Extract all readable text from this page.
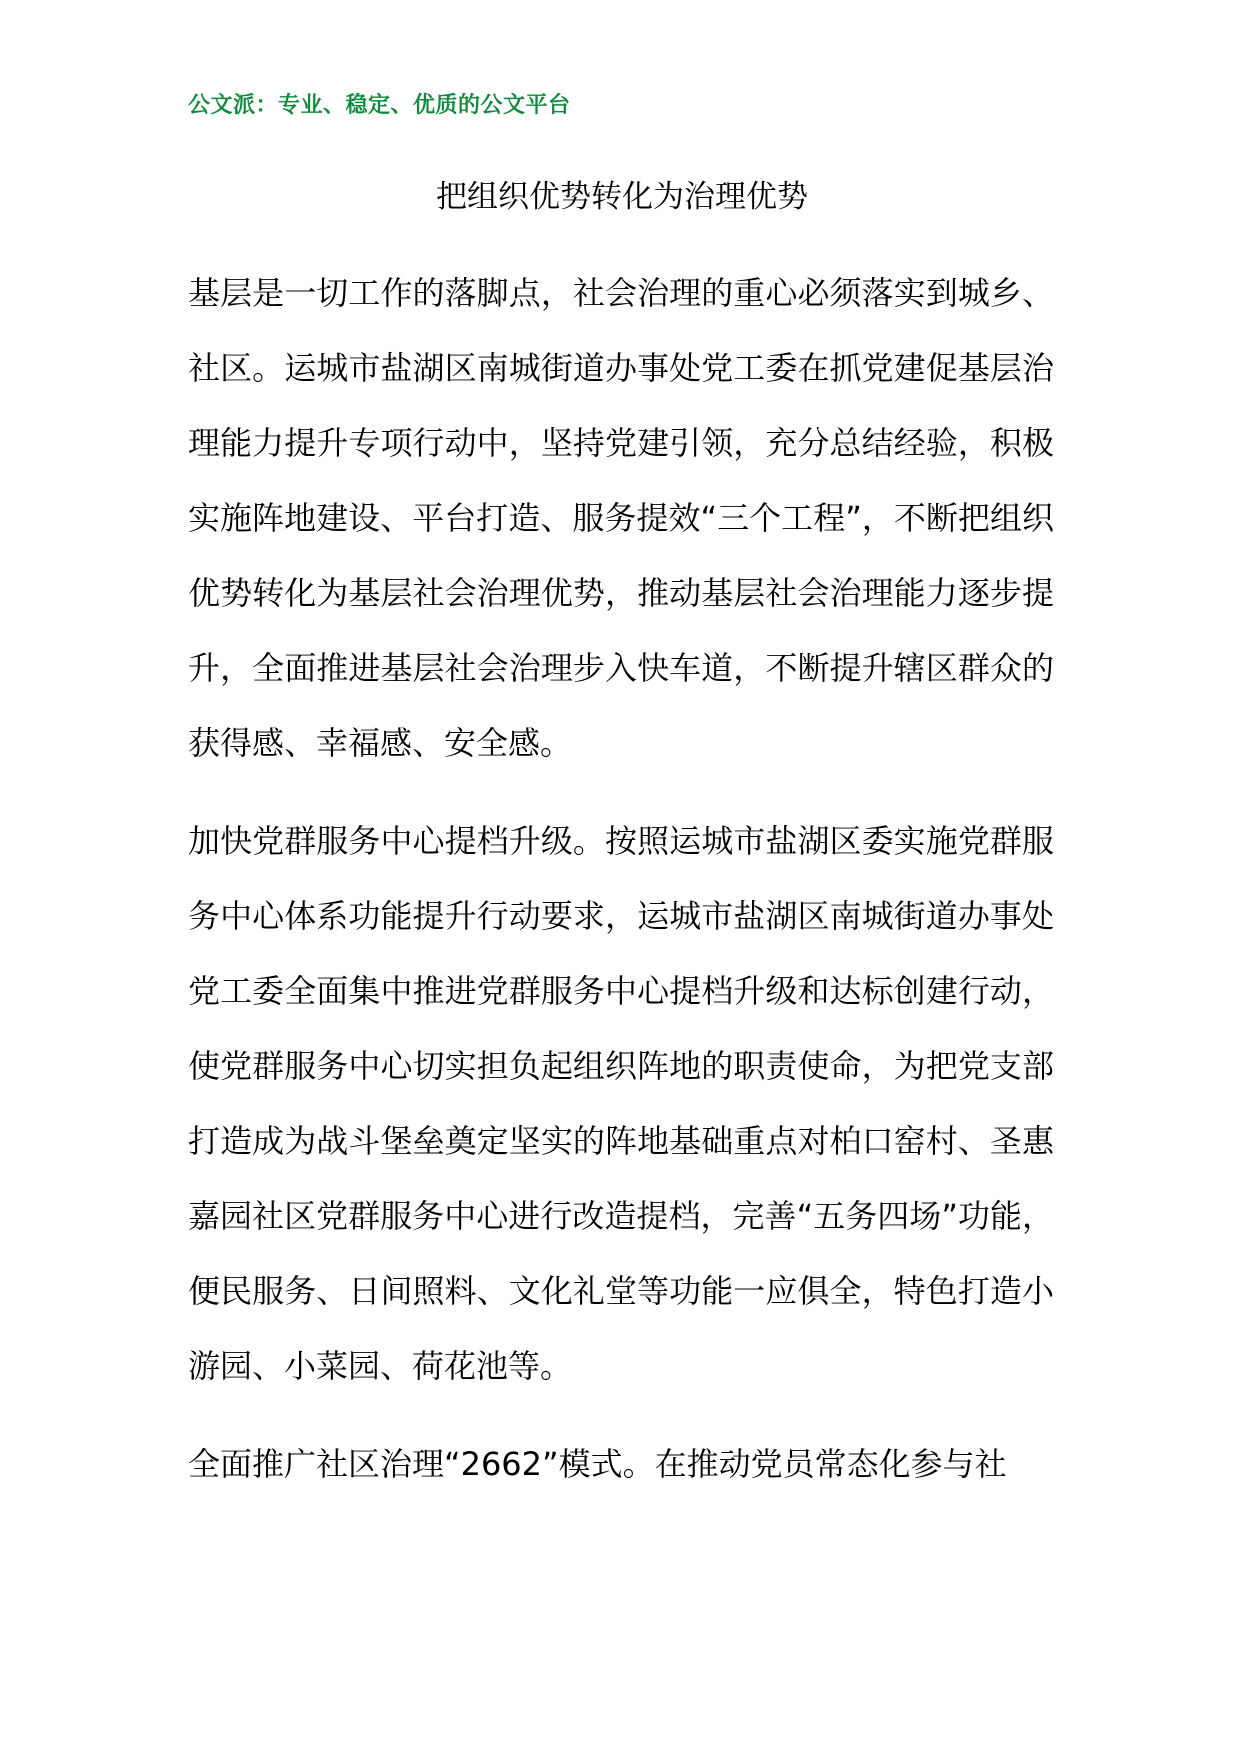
公文派：专业、稳定、优质的公文平台
把组织优势转化为治理优势

基层是一切工作的落脚点，社会治理的重心必须落实到城乡、社区。运城市盐湖区南城街道办事处党工委在抓党建促基层治理能力提升专项行动中，坚持党建引领，充分总结经验，积极实施阵地建设、平台打造、服务提效“三个工程”，不断把组织优势转化为基层社会治理优势，推动基层社会治理能力逐步提升，全面推进基层社会治理步入快车道，不断提升辖区群众的获得感、幸福感、安全感。

加快党群服务中心提档升级。按照运城市盐湖区委实施党群服务中心体系功能提升行动要求，运城市盐湖区南城街道办事处党工委全面集中推进党群服务中心提档升级和达标创建行动，使党群服务中心切实担负起组织阵地的职责使命，为把党支部打造成为战斗堡垒奠定坚实的阵地基础重点对柏口窑村、圣惠嘉园社区党群服务中心进行改造提档，完善“五务四场”功能，便民服务、日间照料、文化礼堂等功能一应俱全，特色打造小游园、小菜园、荷花池等。

全面推广社区治理“2662”模式。在推动党员常态化参与社
